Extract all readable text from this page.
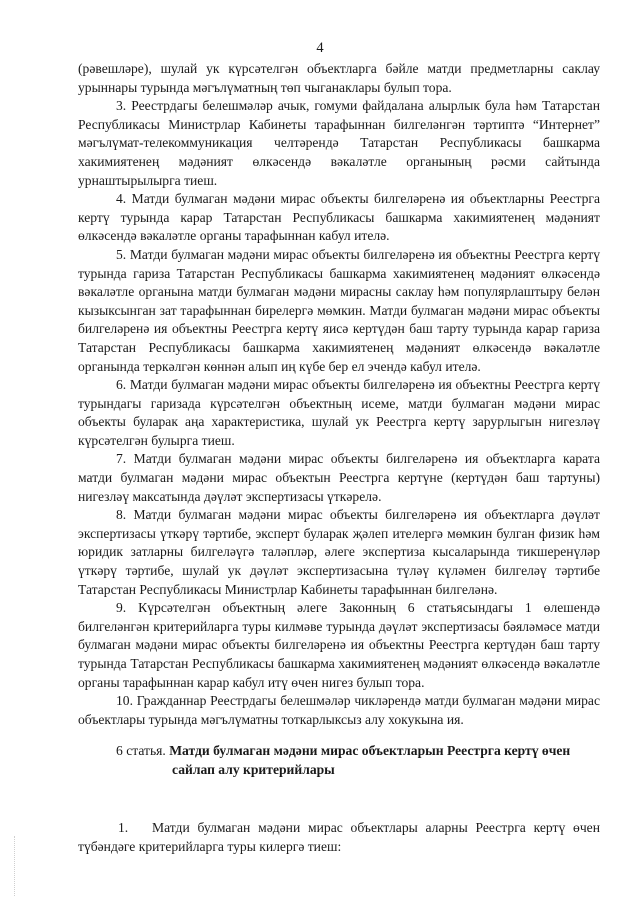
4

(рәвешләре), шулай ук күрсәтелгән объектларга бәйле матди предметларны саклау урыннары турында мәгълүматның төп чыганаклары булып тора.

3. Реестрдагы белешмәләр ачык, гомуми файдалана алырлык була һәм Татарстан Республикасы Министрлар Кабинеты тарафыннан билгеләнгән тәртиптә “Интернет” мәгълүмат-телекоммуникация челтәрендә Татарстан Республикасы башкарма хакимиятенең мәдәният өлкәсендә вәкаләтле органының рәсми сайтында урнаштырылырга тиеш.

4. Матди булмаган мәдәни мирас объекты билгеләренә ия объектларны Реестрга кертү турында карар Татарстан Республикасы башкарма хакимиятенең мәдәният өлкәсендә вәкаләтле органы тарафыннан кабул ителә.

5. Матди булмаган мәдәни мирас объекты билгеләренә ия объектны Реестрга кертү турында гариза Татарстан Республикасы башкарма хакимиятенең мәдәният өлкәсендә вәкаләтле органына матди булмаган мәдәни мирасны саклау һәм популярлаштыру белән кызыксынган зат тарафыннан бирелергә мөмкин. Матди булмаган мәдәни мирас объекты билгеләренә ия объектны Реестрга кертү яисә кертүдән баш тарту турында карар гариза Татарстан Республикасы башкарма хакимиятенең мәдәният өлкәсендә вәкаләтле органында теркәлгән көннән алып иң күбе бер ел эчендә кабул ителә.

6. Матди булмаган мәдәни мирас объекты билгеләренә ия объектны Реестрга кертү турындагы гаризада күрсәтелгән объектның исеме, матди булмаган мәдәни мирас объекты буларак аңа характеристика, шулай ук Реестрга кертү зарурлыгын нигезләү күрсәтелгән булырга тиеш.

7. Матди булмаган мәдәни мирас объекты билгеләренә ия объектларга карата матди булмаган мәдәни мирас объектын Реестрга кертүне (кертүдән баш тартуны) нигезләү максатында дәүләт экспертизасы үткәрелә.

8. Матди булмаган мәдәни мирас объекты билгеләренә ия объектларга дәүләт экспертизасы үткәрү тәртибе, эксперт буларак җәлеп ителергә мөмкин булган физик һәм юридик затларны билгеләүгә таләпләр, әлеге экспертиза кысаларында тикшеренүләр үткәрү тәртибе, шулай ук дәүләт экспертизасына түләү күләмен билгеләү тәртибе Татарстан Республикасы Министрлар Кабинеты тарафыннан билгеләнә.

9. Күрсәтелгән объектның әлеге Законның 6 статьясындагы 1 өлешендә билгеләнгән критерийларга туры килмәве турында дәүләт экспертизасы бәяләмәсе матди булмаган мәдәни мирас объекты билгеләренә ия объектны Реестрга кертүдән баш тарту турында Татарстан Республикасы башкарма хакимиятенең мәдәният өлкәсендә вәкаләтле органы тарафыннан карар кабул итү өчен нигез булып тора.

10. Гражданнар Реестрдагы белешмәләр чикләрендә матди булмаган мәдәни мирас объектлары турында мәгълүматны тоткарлыксыз алу хокукына ия.

6 статья. Матди булмаган мәдәни мирас объектларын Реестрга кертү өчен
сайлап алу критерийлары
1. Матди булмаган мәдәни мирас объектлары аларны Реестрга кертү өчен түбәндәге критерийларга туры килергә тиеш:
